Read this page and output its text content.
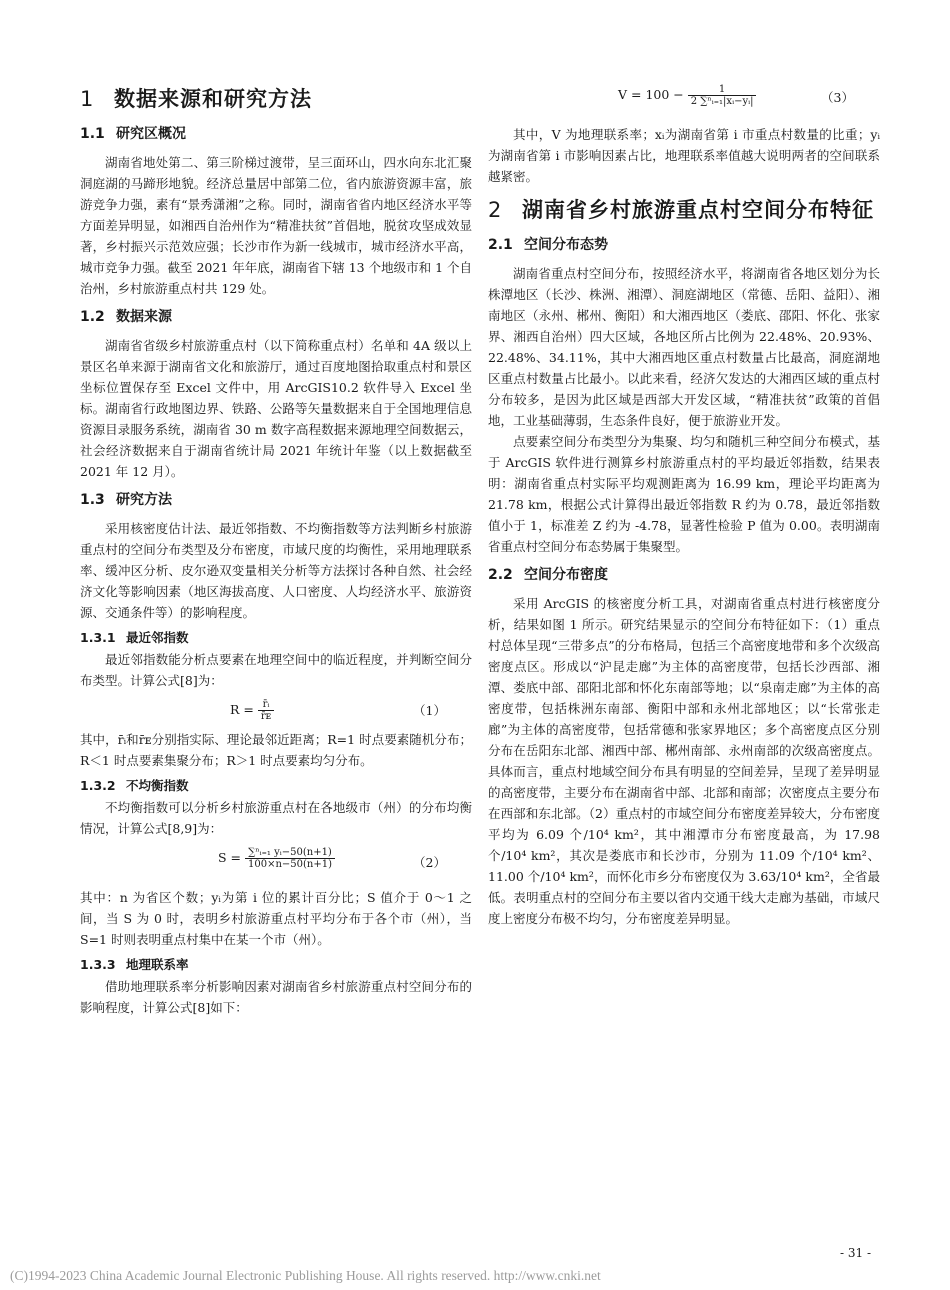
1 数据来源和研究方法
1.1 研究区概况

湖南省地处第二、第三阶梯过渡带，呈三面环山，四水向东北汇聚洞庭湖的马蹄形地貌。经济总量居中部第二位，省内旅游资源丰富，旅游竞争力强，素有“景秀潇湘”之称。同时，湖南省省内地区经济水平等方面差异明显，如湘西自治州作为“精准扶贫”首倡地，脱贫攻坚成效显著，乡村振兴示范效应强；长沙市作为新一线城市，城市经济水平高，城市竞争力强。截至 2021 年年底，湖南省下辖 13 个地级市和 1 个自治州，乡村旅游重点村共 129 处。

1.2 数据来源

湖南省省级乡村旅游重点村（以下简称重点村）名单和 4A 级以上景区名单来源于湖南省文化和旅游厅，通过百度地图拾取重点村和景区坐标位置保存至 Excel 文件中，用 ArcGIS10.2 软件导入 Excel 坐标。湖南省行政地图边界、铁路、公路等矢量数据来自于全国地理信息资源目录服务系统，湖南省 30 m 数字高程数据来源地理空间数据云，社会经济数据来自于湖南省统计局 2021 年统计年鉴（以上数据截至 2021 年 12 月）。

1.3 研究方法

采用核密度估计法、最近邻指数、不均衡指数等方法判断乡村旅游重点村的空间分布类型及分布密度，市域尺度的均衡性，采用地理联系率、缓冲区分析、皮尔逊双变量相关分析等方法探讨各种自然、社会经济文化等影响因素（地区海拔高度、人口密度、人均经济水平、旅游资源、交通条件等）的影响程度。

1.3.1 最近邻指数

最近邻指数能分析点要素在地理空间中的临近程度，并判断空间分布类型。计算公式[8]为：

$R = \frac{\text{r̄ᵢ}}{\text{r̄ᴇ}}$	（1）

其中，r̄ᵢ和r̄ᴇ分别指实际、理论最邻近距离；R=1 时点要素随机分布；R＜1 时点要素集聚分布；R＞1 时点要素均匀分布。

1.3.2 不均衡指数

不均衡指数可以分析乡村旅游重点村在各地级市（州）的分布均衡情况，计算公式[8,9]为：

$S = \frac{\text{∑ⁿᵢ₌₁ yᵢ−50(n+1)}}{100\times n-50(n+1)}$	（2）

其中：n 为省区个数；yᵢ为第 i 位的累计百分比；S 值介于 0～1 之间，当 S 为 0 时，表明乡村旅游重点村平均分布于各个市（州），当 S=1 时则表明重点村集中在某一个市（州）。

1.3.3 地理联系率

借助地理联系率分析影响因素对湖南省乡村旅游重点村空间分布的影响程度，计算公式[8]如下：

$V = 100 - \frac{1}{\text{2 ∑ⁿᵢ₌₁|xᵢ−yᵢ|}}$	（3）

其中，V 为地理联系率；xᵢ为湖南省第 i 市重点村数量的比重；yᵢ为湖南省第 i 市影响因素占比，地理联系率值越大说明两者的空间联系越紧密。

2 湖南省乡村旅游重点村空间分布特征
2.1 空间分布态势

湖南省重点村空间分布，按照经济水平，将湖南省各地区划分为长株潭地区（长沙、株洲、湘潭）、洞庭湖地区（常德、岳阳、益阳）、湘南地区（永州、郴州、衡阳）和大湘西地区（娄底、邵阳、怀化、张家界、湘西自治州）四大区域，各地区所占比例为 22.48%、20.93%、22.48%、34.11%，其中大湘西地区重点村数量占比最高，洞庭湖地区重点村数量占比最小。以此来看，经济欠发达的大湘西区域的重点村分布较多，是因为此区域是西部大开发区域，“精准扶贫”政策的首倡地，工业基础薄弱，生态条件良好，便于旅游业开发。

点要素空间分布类型分为集聚、均匀和随机三种空间分布模式，基于 ArcGIS 软件进行测算乡村旅游重点村的平均最近邻指数，结果表明：湖南省重点村实际平均观测距离为 16.99 km，理论平均距离为 21.78 km，根据公式计算得出最近邻指数 R 约为 0.78，最近邻指数值小于 1，标准差 Z 约为 -4.78，显著性检验 P 值为 0.00。表明湖南省重点村空间分布态势属于集聚型。

2.2 空间分布密度

采用 ArcGIS 的核密度分析工具，对湖南省重点村进行核密度分析，结果如图 1 所示。研究结果显示的空间分布特征如下：（1）重点村总体呈现“三带多点”的分布格局，包括三个高密度地带和多个次级高密度点区。形成以“沪昆走廊”为主体的高密度带，包括长沙西部、湘潭、娄底中部、邵阳北部和怀化东南部等地；以“泉南走廊”为主体的高密度带，包括株洲东南部、衡阳中部和永州北部地区；以“长常张走廊”为主体的高密度带，包括常德和张家界地区；多个高密度点区分别分布在岳阳东北部、湘西中部、郴州南部、永州南部的次级高密度点。具体而言，重点村地域空间分布具有明显的空间差异，呈现了差异明显的高密度带，主要分布在湖南省中部、北部和南部；次密度点主要分布在西部和东北部。（2）重点村的市域空间分布密度差异较大，分布密度平均为 6.09 个/10⁴ km²，其中湘潭市分布密度最高，为 17.98 个/10⁴ km²，其次是娄底市和长沙市，分别为 11.09 个/10⁴ km²、11.00 个/10⁴ km²，而怀化市乡分布密度仅为 3.63/10⁴ km²，全省最低。表明重点村的空间分布主要以省内交通干线大走廊为基础，市域尺度上密度分布极不均匀，分布密度差异明显。

- 31 -
(C)1994-2023 China Academic Journal Electronic Publishing House. All rights reserved. http://www.cnki.net
